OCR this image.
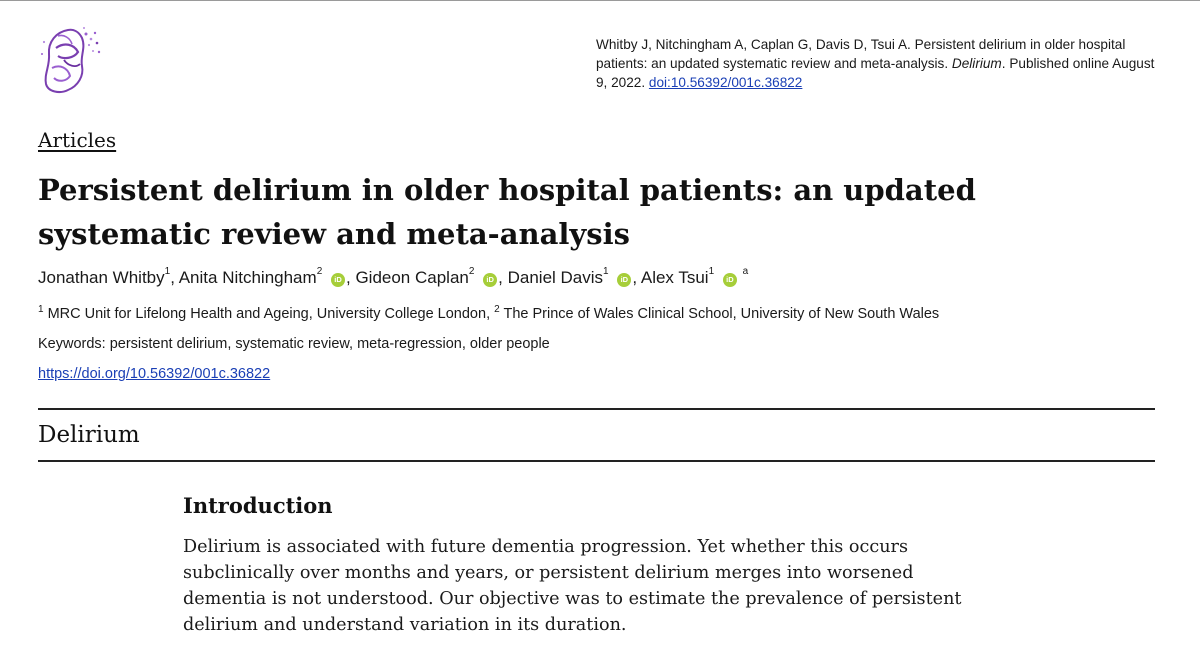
Whitby J, Nitchingham A, Caplan G, Davis D, Tsui A. Persistent delirium in older hospital patients: an updated systematic review and meta-analysis. Delirium. Published online August 9, 2022. doi:10.56392/001c.36822
Articles
Persistent delirium in older hospital patients: an updated systematic review and meta-analysis
Jonathan Whitby$^1$, Anita Nitchingham$^2$ iD , Gideon Caplan$^2$ iD , Daniel Davis$^1$ iD , Alex Tsui$^1$ iD $^a$
$^1$ MRC Unit for Lifelong Health and Ageing, University College London, $^2$ The Prince of Wales Clinical School, University of New South Wales
Keywords: persistent delirium, systematic review, meta-regression, older people
https://doi.org/10.56392/001c.36822
Delirium
Introduction

Delirium is associated with future dementia progression. Yet whether this occurs subclinically over months and years, or persistent delirium merges into worsened dementia is not understood. Our objective was to estimate the prevalence of persistent delirium and understand variation in its duration.
